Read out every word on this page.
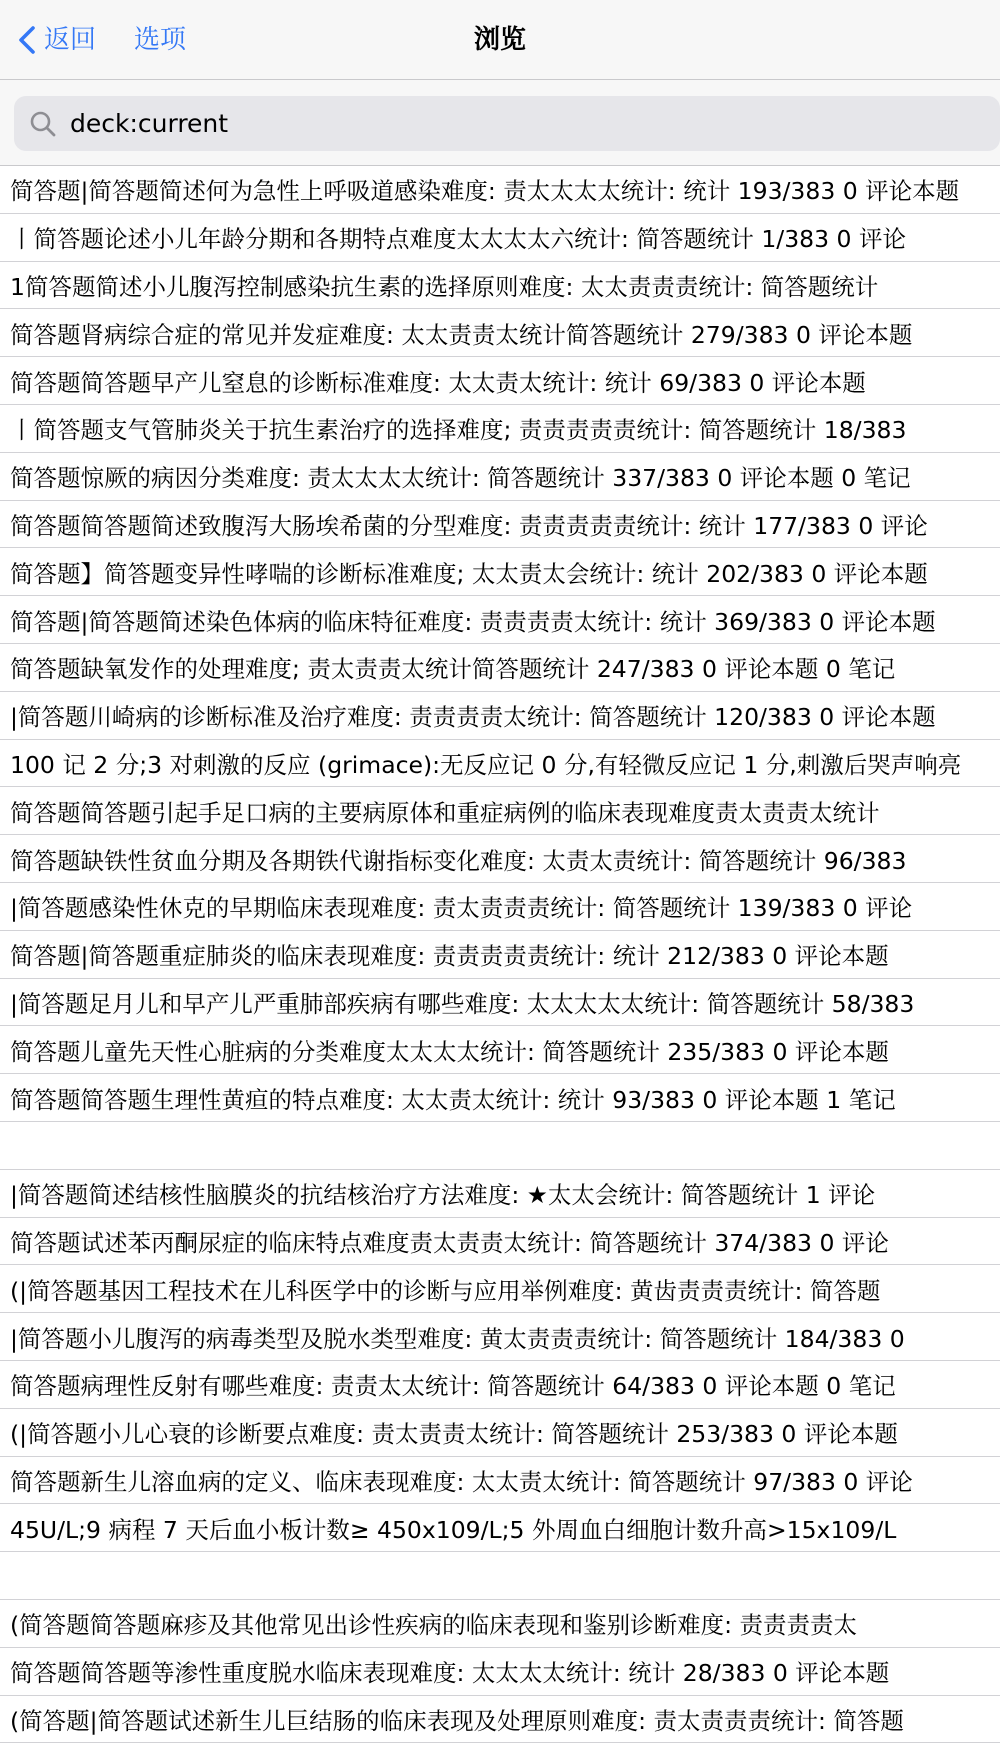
返回 选项	浏览
deck:current
简答题|简答题简述何为急性上呼吸道感染难度: 责太太太太统计: 统计 193/383 0 评论本题
丨简答题论述小儿年龄分期和各期特点难度太太太太六统计: 简答题统计 1/383 0 评论
1简答题简述小儿腹泻控制感染抗生素的选择原则难度: 太太责责责统计: 简答题统计
简答题肾病综合症的常见并发症难度: 太太责责太统计简答题统计 279/383 0 评论本题
简答题简答题早产儿窒息的诊断标准难度: 太太责太统计: 统计 69/383 0 评论本题
丨简答题支气管肺炎关于抗生素治疗的选择难度; 责责责责责统计: 简答题统计 18/383
简答题惊厥的病因分类难度: 责太太太太统计: 简答题统计 337/383 0 评论本题 0 笔记
简答题简答题简述致腹泻大肠埃希菌的分型难度: 责责责责责统计: 统计 177/383 0 评论
简答题】简答题变异性哮喘的诊断标准难度; 太太责太会统计: 统计 202/383 0 评论本题
简答题|简答题简述染色体病的临床特征难度: 责责责责太统计: 统计 369/383 0 评论本题
简答题缺氧发作的处理难度; 责太责责太统计简答题统计 247/383 0 评论本题 0 笔记
|简答题川崎病的诊断标准及治疗难度: 责责责责太统计: 简答题统计 120/383 0 评论本题
100 记 2 分;3 对刺激的反应 (grimace):无反应记 0 分,有轻微反应记 1 分,刺激后哭声响亮
简答题简答题引起手足口病的主要病原体和重症病例的临床表现难度责太责责太统计
简答题缺铁性贫血分期及各期铁代谢指标变化难度: 太责太责统计: 简答题统计 96/383
|简答题感染性休克的早期临床表现难度: 责太责责责统计: 简答题统计 139/383 0 评论
简答题|简答题重症肺炎的临床表现难度: 责责责责责统计: 统计 212/383 0 评论本题
|简答题足月儿和早产儿严重肺部疾病有哪些难度: 太太太太太统计: 简答题统计 58/383
简答题儿童先天性心脏病的分类难度太太太太统计: 简答题统计 235/383 0 评论本题
简答题简答题生理性黄疸的特点难度: 太太责太统计: 统计 93/383 0 评论本题 1 笔记
|简答题简述结核性脑膜炎的抗结核治疗方法难度: ★太太会统计: 简答题统计 1 评论
简答题试述苯丙酮尿症的临床特点难度责太责责太统计: 简答题统计 374/383 0 评论
(|简答题基因工程技术在儿科医学中的诊断与应用举例难度: 黄齿责责责统计: 简答题
|简答题小儿腹泻的病毒类型及脱水类型难度: 黄太责责责统计: 简答题统计 184/383 0
简答题病理性反射有哪些难度: 责责太太统计: 简答题统计 64/383 0 评论本题 0 笔记
(|简答题小儿心衰的诊断要点难度: 责太责责太统计: 简答题统计 253/383 0 评论本题
简答题新生儿溶血病的定义、临床表现难度: 太太责太统计: 简答题统计 97/383 0 评论
45U/L;9 病程 7 天后血小板计数≥ 450x109/L;5 外周血白细胞计数升高>15x109/L
(简答题简答题麻疹及其他常见出诊性疾病的临床表现和鉴别诊断难度: 责责责责太
简答题简答题等渗性重度脱水临床表现难度: 太太太太统计: 统计 28/383 0 评论本题
(简答题|简答题试述新生儿巨结肠的临床表现及处理原则难度: 责太责责责统计: 简答题
